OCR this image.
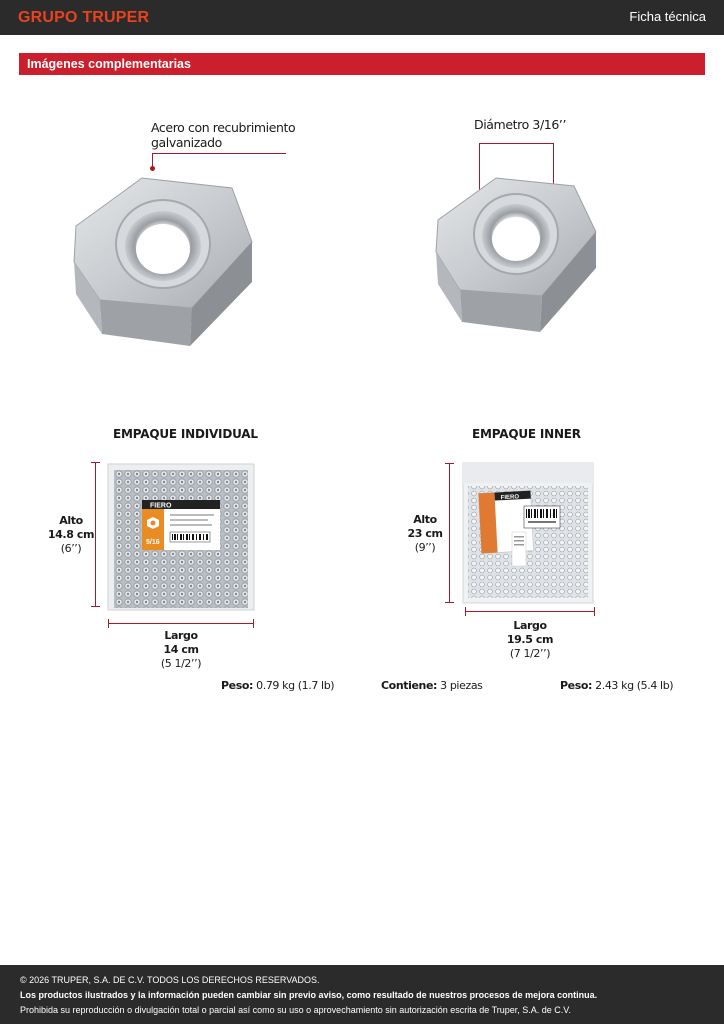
GRUPO TRUPER	Ficha técnica
Imágenes complementarias
Acero con recubrimiento
galvanizado
Diámetro 3/16’’
EMPAQUE INDIVIDUAL
Alto
14.8 cm
(6’’)
FIERO
5/16
Largo
14 cm
(5 1/2’’)
Peso: 0.79 kg (1.7 lb)
EMPAQUE INNER
Alto
23 cm
(9’’)
FIERO
Largo
19.5 cm
(7 1/2’’)
Contiene: 3 piezas	Peso: 2.43 kg (5.4 lb)
© 2026 TRUPER, S.A. DE C.V. TODOS LOS DERECHOS RESERVADOS.
Los productos ilustrados y la información pueden cambiar sin previo aviso, como resultado de nuestros procesos de mejora continua.
Prohibida su reproducción o divulgación total o parcial así como su uso o aprovechamiento sin autorización escrita de Truper, S.A. de C.V.
